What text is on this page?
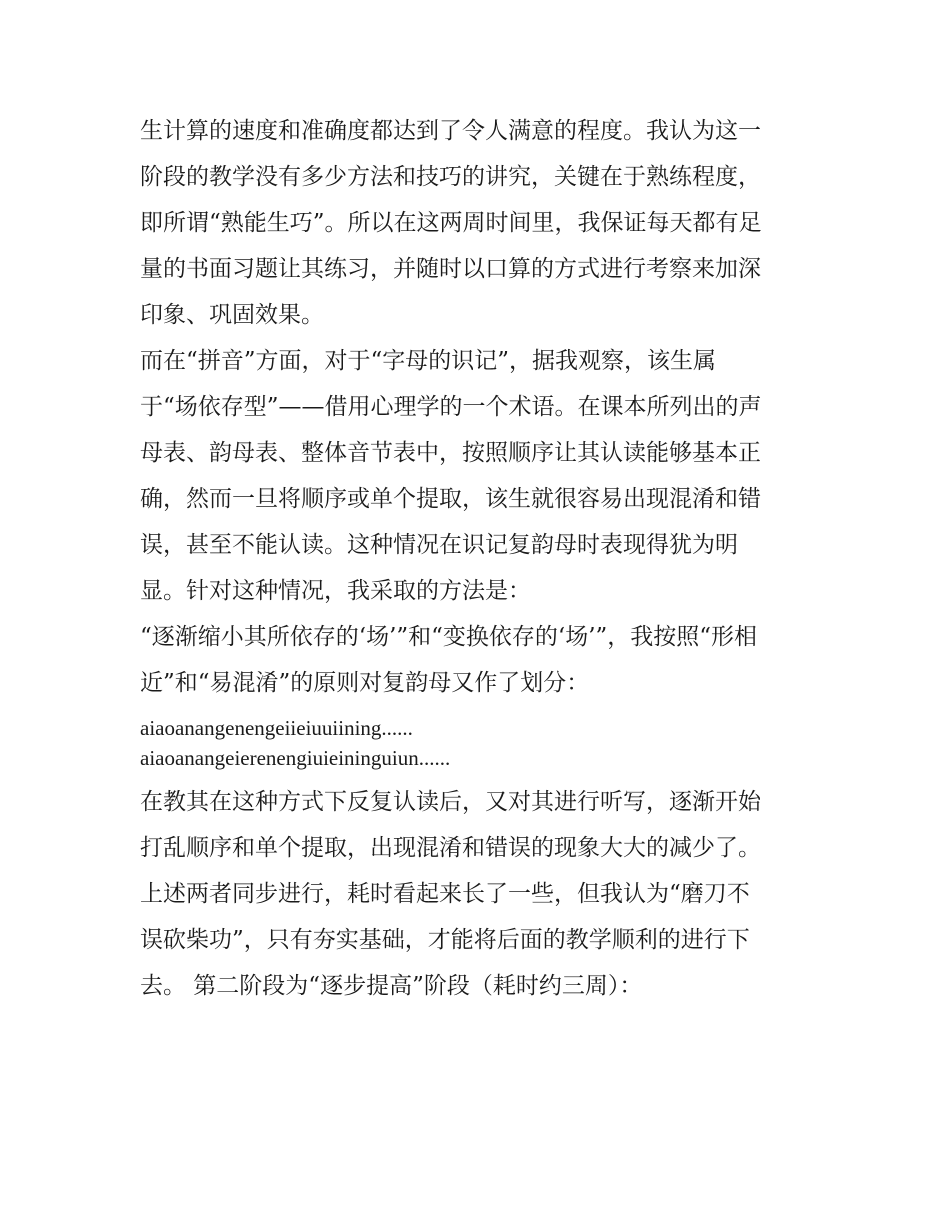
生计算的速度和准确度都达到了令人满意的程度。我认为这一

阶段的教学没有多少方法和技巧的讲究，关键在于熟练程度，

即所谓“熟能生巧”。所以在这两周时间里，我保证每天都有足

量的书面习题让其练习，并随时以口算的方式进行考察来加深

印象、巩固效果。

而在“拼音”方面，对于“字母的识记”，据我观察，该生属

于“场依存型”——借用心理学的一个术语。在课本所列出的声

母表、韵母表、整体音节表中，按照顺序让其认读能够基本正

确，然而一旦将顺序或单个提取，该生就很容易出现混淆和错

误，甚至不能认读。这种情况在识记复韵母时表现得犹为明

显。针对这种情况，我采取的方法是：

“逐渐缩小其所依存的‘场’”和“变换依存的‘场’”，我按照“形相

近”和“易混淆”的原则对复韵母又作了划分：

aiaoanangenengeiieiuuiining......

aiaoanangeierenengiuieininguiun......

在教其在这种方式下反复认读后，又对其进行听写，逐渐开始

打乱顺序和单个提取，出现混淆和错误的现象大大的减少了。

上述两者同步进行，耗时看起来长了一些，但我认为“磨刀不

误砍柴功”，只有夯实基础，才能将后面的教学顺利的进行下

去。 第二阶段为“逐步提高”阶段（耗时约三周）：
